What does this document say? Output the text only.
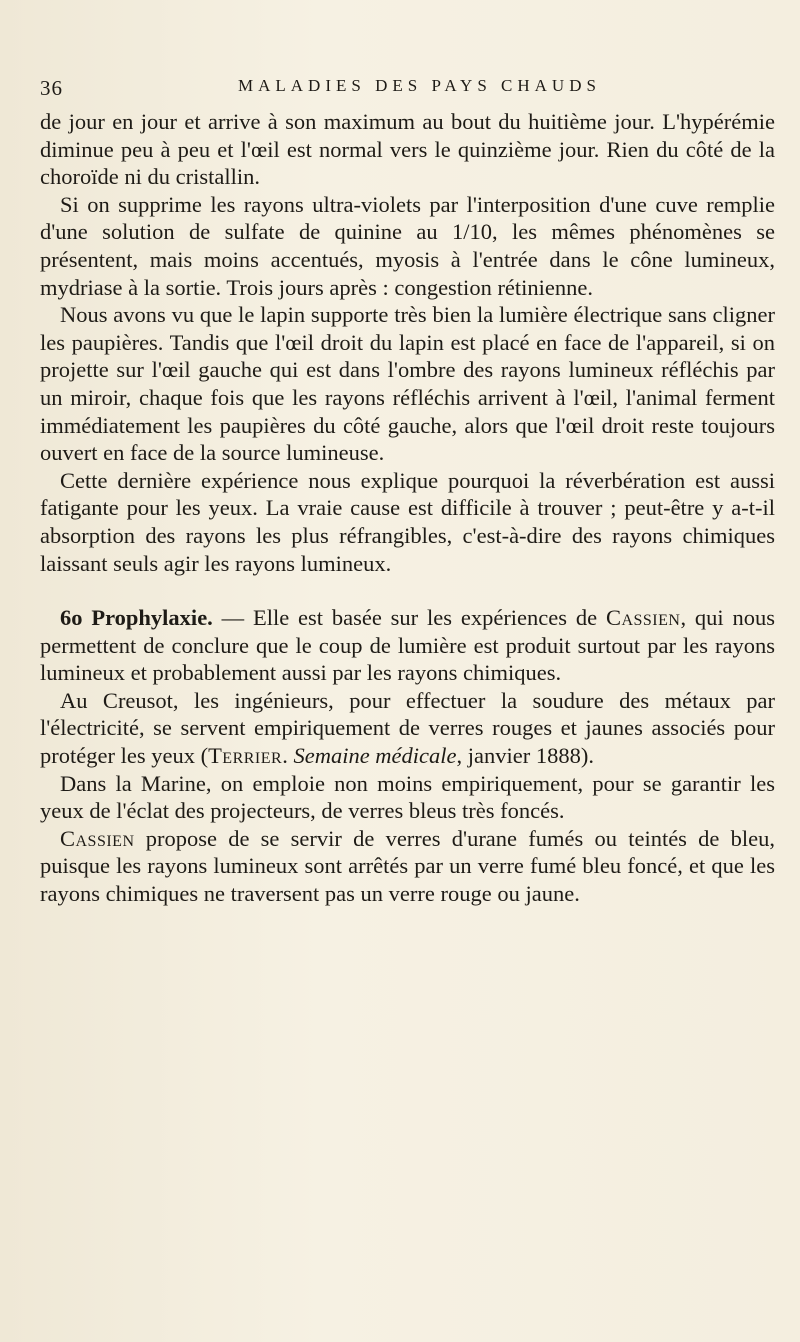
36	MALADIES DES PAYS CHAUDS

de jour en jour et arrive à son maximum au bout du huitième jour. L'hypérémie diminue peu à peu et l'œil est normal vers le quinzième jour. Rien du côté de la choroïde ni du cristallin.

Si on supprime les rayons ultra-violets par l'interposition d'une cuve remplie d'une solution de sulfate de quinine au 1/10, les mêmes phénomènes se présentent, mais moins accentués, myosis à l'entrée dans le cône lumineux, mydriase à la sortie. Trois jours après : congestion rétinienne.

Nous avons vu que le lapin supporte très bien la lumière électrique sans cligner les paupières. Tandis que l'œil droit du lapin est placé en face de l'appareil, si on projette sur l'œil gauche qui est dans l'ombre des rayons lumineux réfléchis par un miroir, chaque fois que les rayons réfléchis arrivent à l'œil, l'animal ferment immédiatement les paupières du côté gauche, alors que l'œil droit reste toujours ouvert en face de la source lumineuse.

Cette dernière expérience nous explique pourquoi la réverbération est aussi fatigante pour les yeux. La vraie cause est difficile à trouver ; peut-être y a-t-il absorption des rayons les plus réfrangibles, c'est-à-dire des rayons chimiques laissant seuls agir les rayons lumineux.

6o Prophylaxie. — Elle est basée sur les expériences de Cassien, qui nous permettent de conclure que le coup de lumière est produit surtout par les rayons lumineux et probablement aussi par les rayons chimiques.

Au Creusot, les ingénieurs, pour effectuer la soudure des métaux par l'électricité, se servent empiriquement de verres rouges et jaunes associés pour protéger les yeux (Terrier. Semaine médicale, janvier 1888).

Dans la Marine, on emploie non moins empiriquement, pour se garantir les yeux de l'éclat des projecteurs, de verres bleus très foncés.

Cassien propose de se servir de verres d'urane fumés ou teintés de bleu, puisque les rayons lumineux sont arrêtés par un verre fumé bleu foncé, et que les rayons chimiques ne traversent pas un verre rouge ou jaune.
